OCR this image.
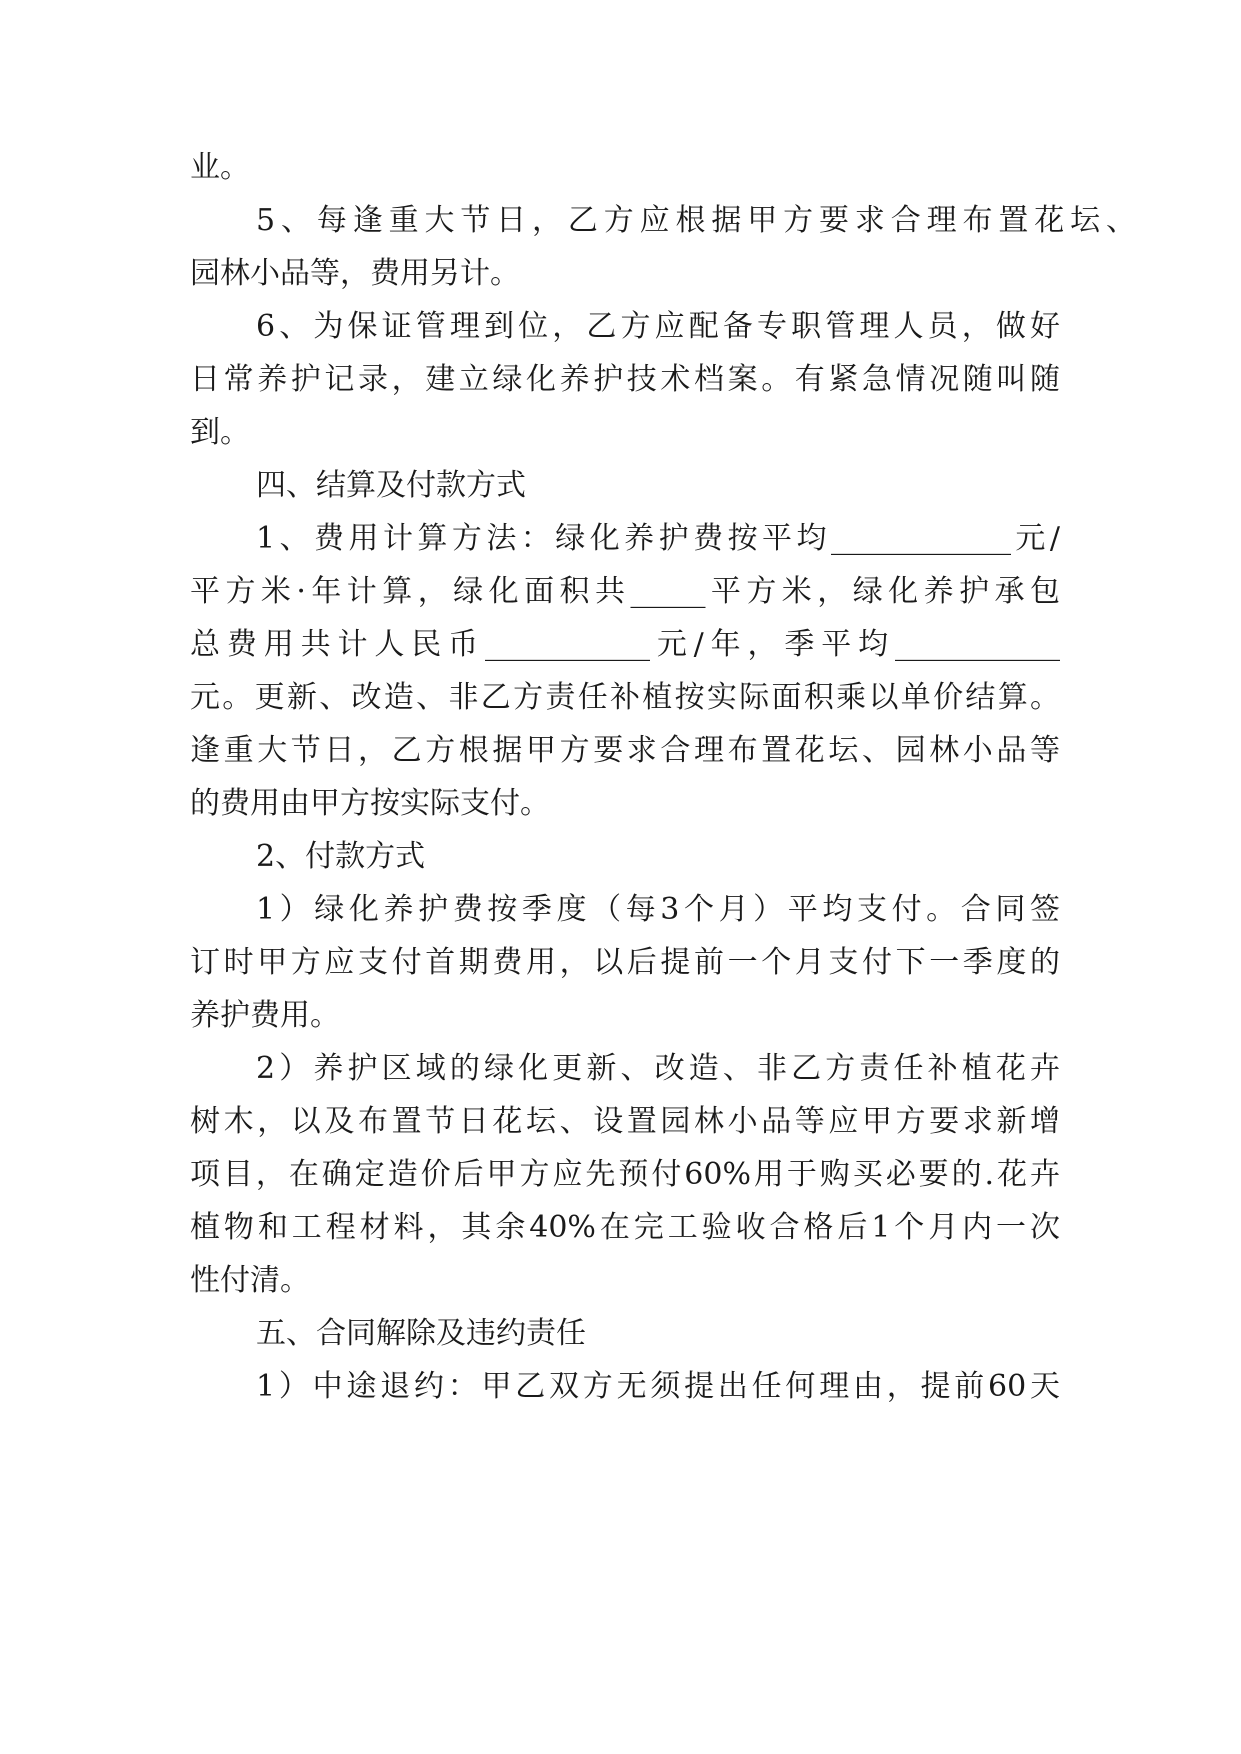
业。
5、每逢重大节日，乙方应根据甲方要求合理布置花坛、
园林小品等，费用另计。
6、为保证管理到位，乙方应配备专职管理人员，做好
日常养护记录，建立绿化养护技术档案。有紧急情况随叫随
到。
四、结算及付款方式
1、费用计算方法：绿化养护费按平均____________元/
平方米·年计算，绿化面积共_____平方米，绿化养护承包
总费用共计人民币___________元/年，季平均___________
元。更新、改造、非乙方责任补植按实际面积乘以单价结算。
逢重大节日，乙方根据甲方要求合理布置花坛、园林小品等
的费用由甲方按实际支付。
2、付款方式
1）绿化养护费按季度（每3个月）平均支付。合同签
订时甲方应支付首期费用，以后提前一个月支付下一季度的
养护费用。
2）养护区域的绿化更新、改造、非乙方责任补植花卉
树木，以及布置节日花坛、设置园林小品等应甲方要求新增
项目，在确定造价后甲方应先预付60%用于购买必要的.花卉
植物和工程材料，其余40%在完工验收合格后1个月内一次
性付清。
五、合同解除及违约责任
1）中途退约：甲乙双方无须提出任何理由，提前60天
